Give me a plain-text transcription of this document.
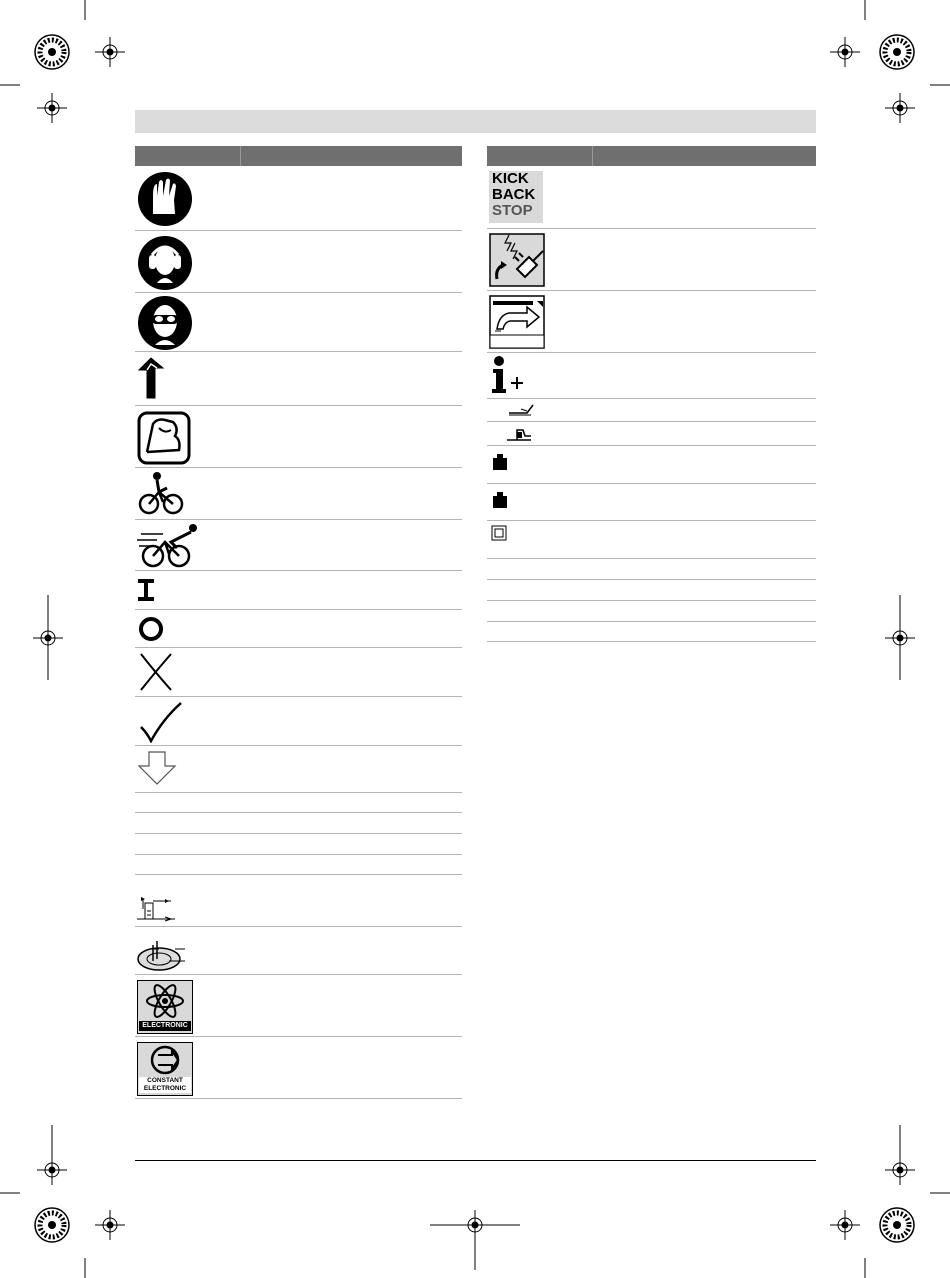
ELECTRONIC
CONSTANT
ELECTRONIC
KICK
BACK
STOP
